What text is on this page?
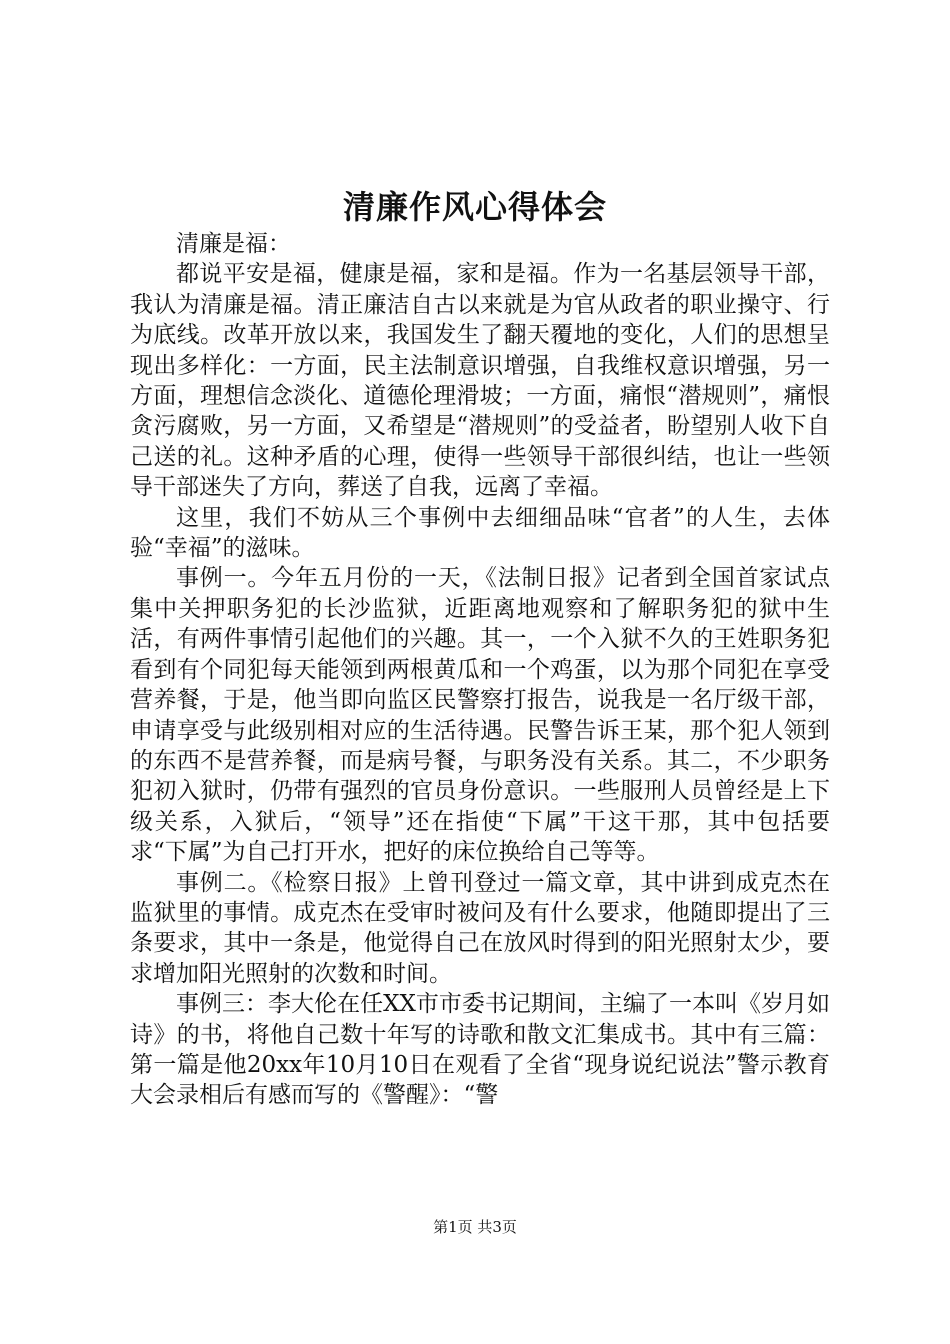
清廉作风心得体会

清廉是福：

都说平安是福，健康是福，家和是福。作为一名基层领导干部，我认为清廉是福。清正廉洁自古以来就是为官从政者的职业操守、行为底线。改革开放以来，我国发生了翻天覆地的变化，人们的思想呈现出多样化：一方面，民主法制意识增强，自我维权意识增强，另一方面，理想信念淡化、道德伦理滑坡；一方面，痛恨“潜规则”，痛恨贪污腐败，另一方面，又希望是“潜规则”的受益者，盼望别人收下自己送的礼。这种矛盾的心理，使得一些领导干部很纠结，也让一些领导干部迷失了方向，葬送了自我，远离了幸福。

这里，我们不妨从三个事例中去细细品味“官者”的人生，去体验“幸福”的滋味。

事例一。今年五月份的一天，《法制日报》记者到全国首家试点集中关押职务犯的长沙监狱，近距离地观察和了解职务犯的狱中生活，有两件事情引起他们的兴趣。其一，一个入狱不久的王姓职务犯看到有个同犯每天能领到两根黄瓜和一个鸡蛋，以为那个同犯在享受营养餐，于是，他当即向监区民警察打报告，说我是一名厅级干部，申请享受与此级别相对应的生活待遇。民警告诉王某，那个犯人领到的东西不是营养餐，而是病号餐，与职务没有关系。其二，不少职务犯初入狱时，仍带有强烈的官员身份意识。一些服刑人员曾经是上下级关系，入狱后，“领导”还在指使“下属”干这干那，其中包括要求“下属”为自己打开水，把好的床位换给自己等等。

事例二。《检察日报》上曾刊登过一篇文章，其中讲到成克杰在监狱里的事情。成克杰在受审时被问及有什么要求，他随即提出了三条要求，其中一条是，他觉得自己在放风时得到的阳光照射太少，要求增加阳光照射的次数和时间。

事例三：李大伦在任XX市市委书记期间，主编了一本叫《岁月如诗》的书，将他自己数十年写的诗歌和散文汇集成书。其中有三篇：第一篇是他20xx年10月10日在观看了全省“现身说纪说法”警示教育大会录相后有感而写的《警醒》：“警

第1页 共3页
